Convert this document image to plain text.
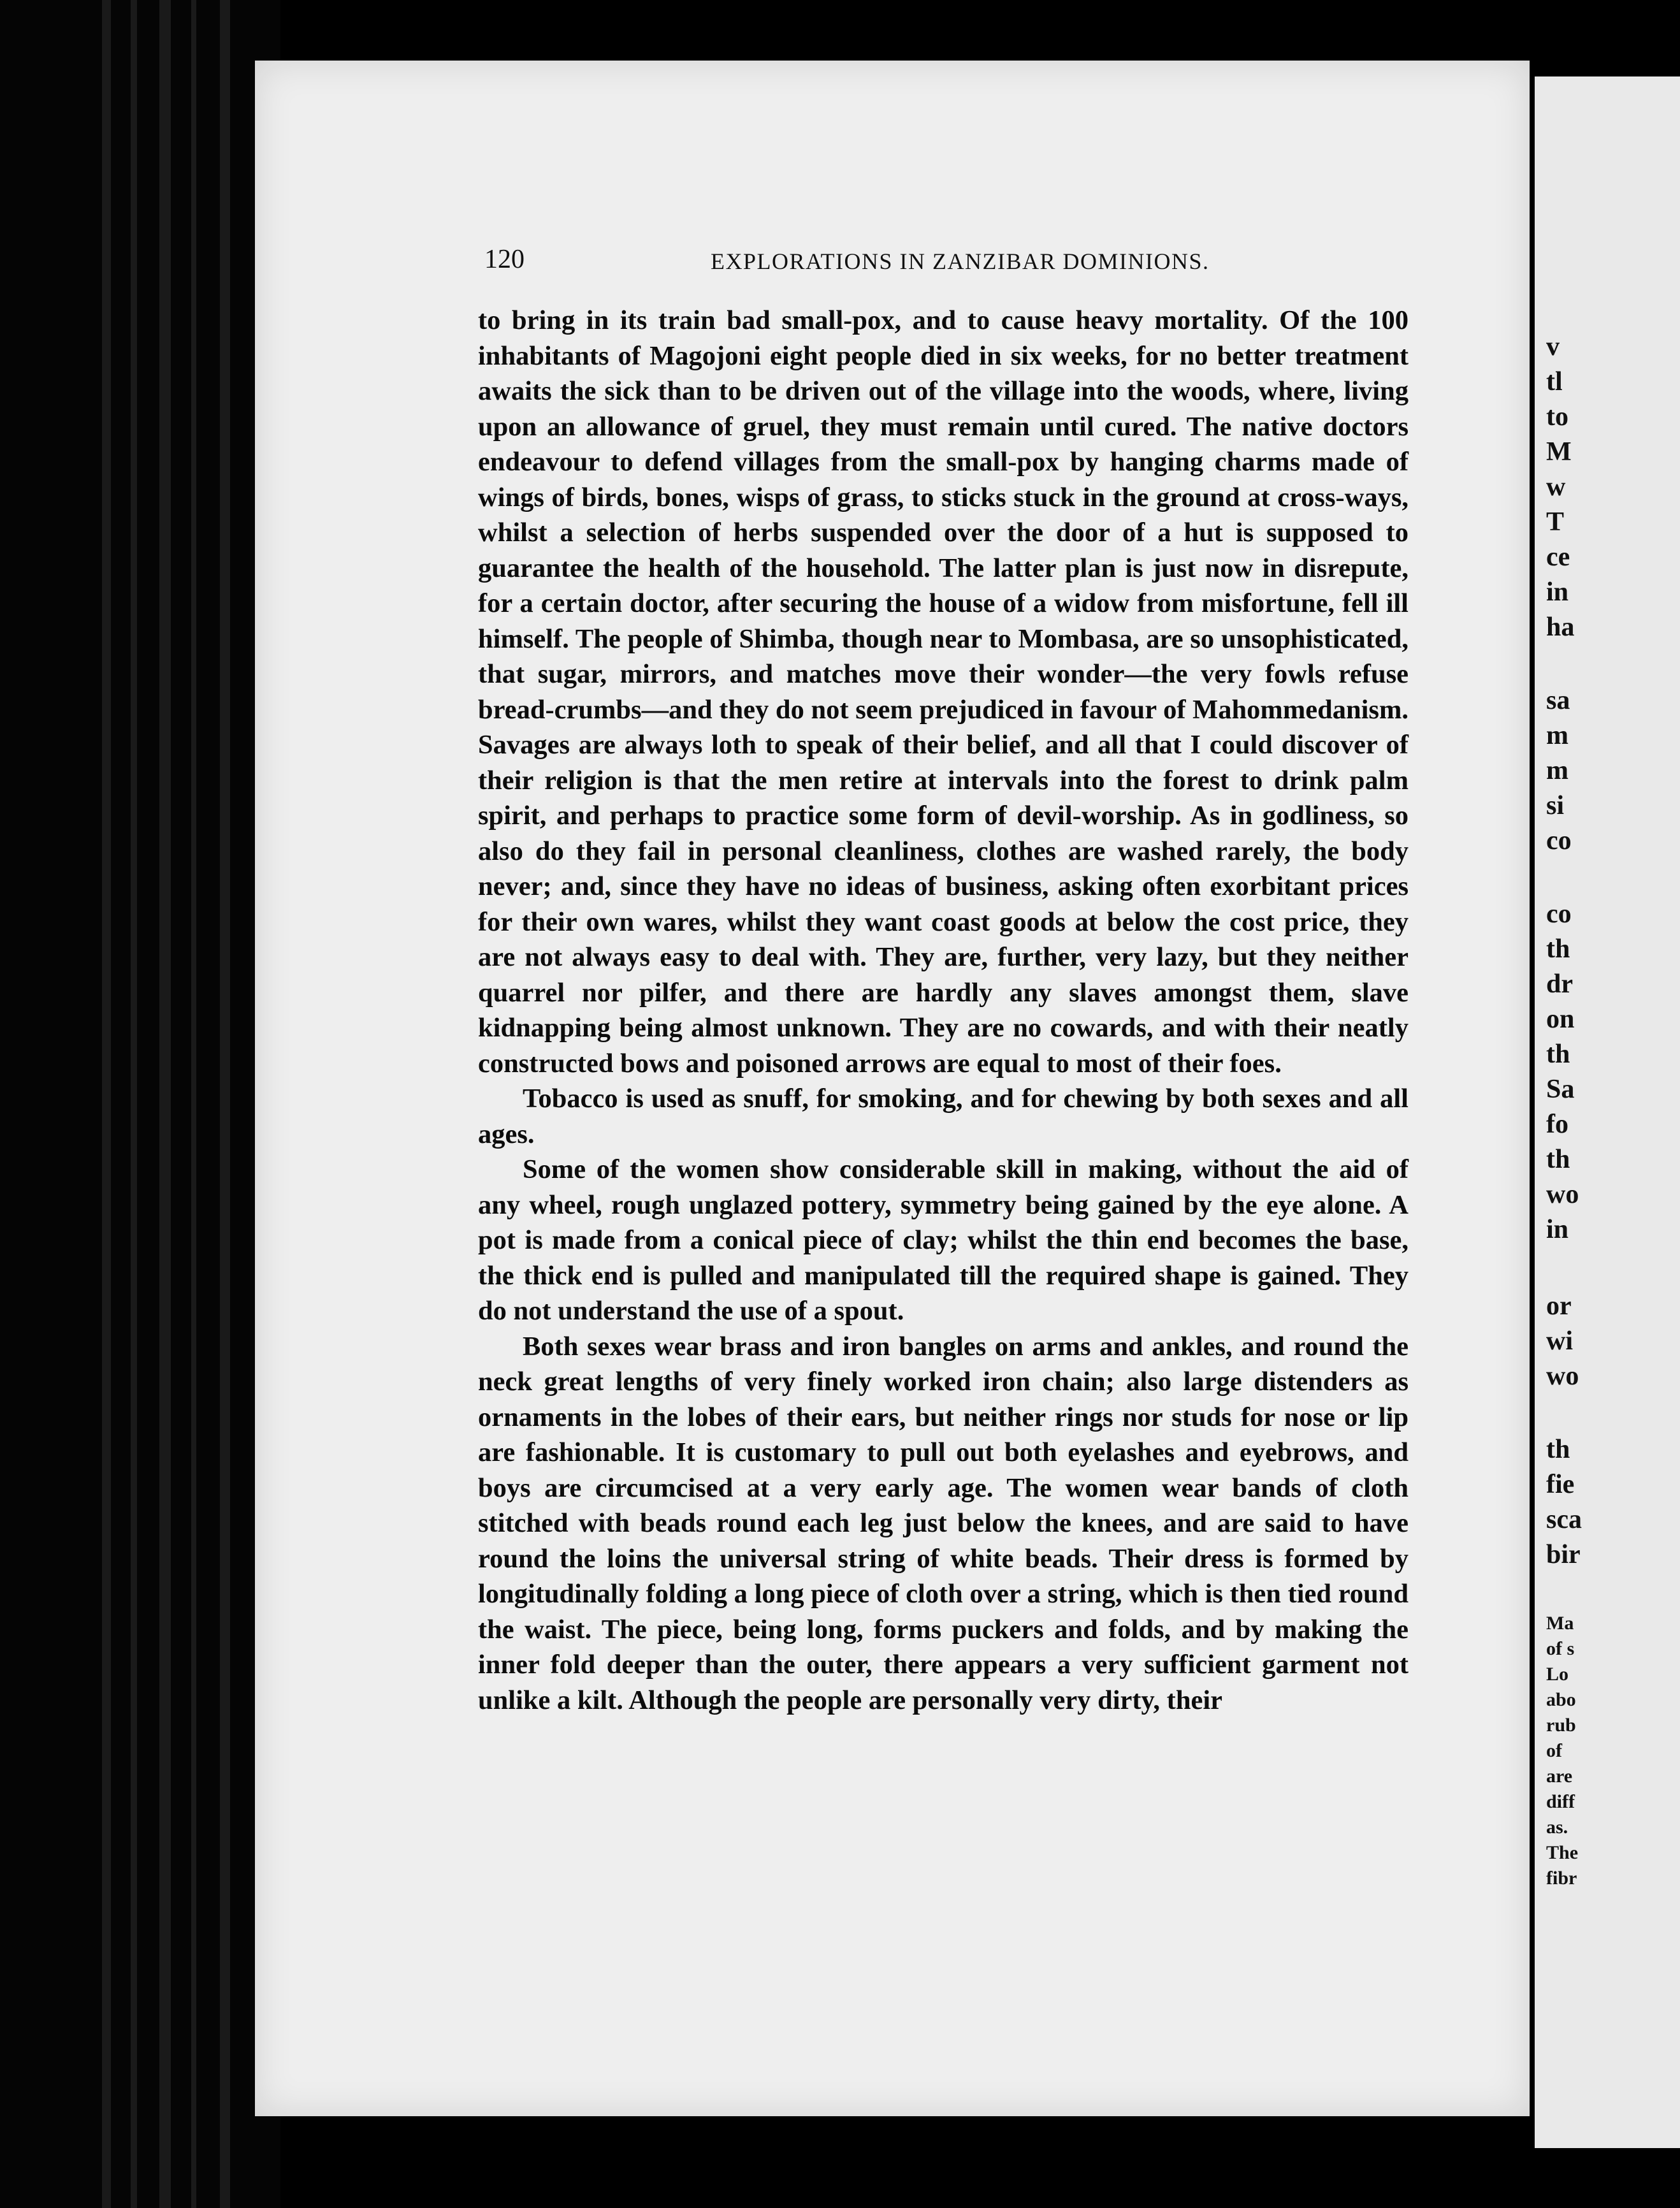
120	EXPLORATIONS IN ZANZIBAR DOMINIONS.

to bring in its train bad small-pox, and to cause heavy mortality. Of the 100 inhabitants of Magojoni eight people died in six weeks, for no better treatment awaits the sick than to be driven out of the village into the woods, where, living upon an allowance of gruel, they must remain until cured. The native doctors endeavour to defend villages from the small-pox by hanging charms made of wings of birds, bones, wisps of grass, to sticks stuck in the ground at cross-ways, whilst a selection of herbs suspended over the door of a hut is supposed to guarantee the health of the household. The latter plan is just now in disrepute, for a certain doctor, after securing the house of a widow from misfortune, fell ill himself. The people of Shimba, though near to Mombasa, are so unsophisticated, that sugar, mirrors, and matches move their wonder—the very fowls refuse bread-crumbs—and they do not seem prejudiced in favour of Mahommedanism. Savages are always loth to speak of their belief, and all that I could discover of their religion is that the men retire at intervals into the forest to drink palm spirit, and perhaps to practice some form of devil-worship. As in godliness, so also do they fail in personal cleanliness, clothes are washed rarely, the body never; and, since they have no ideas of business, asking often exorbitant prices for their own wares, whilst they want coast goods at below the cost price, they are not always easy to deal with. They are, further, very lazy, but they neither quarrel nor pilfer, and there are hardly any slaves amongst them, slave kidnapping being almost unknown. They are no cowards, and with their neatly constructed bows and poisoned arrows are equal to most of their foes.

Tobacco is used as snuff, for smoking, and for chewing by both sexes and all ages.

Some of the women show considerable skill in making, without the aid of any wheel, rough unglazed pottery, symmetry being gained by the eye alone. A pot is made from a conical piece of clay; whilst the thin end becomes the base, the thick end is pulled and manipulated till the required shape is gained. They do not understand the use of a spout.

Both sexes wear brass and iron bangles on arms and ankles, and round the neck great lengths of very finely worked iron chain; also large distenders as ornaments in the lobes of their ears, but neither rings nor studs for nose or lip are fashionable. It is customary to pull out both eyelashes and eyebrows, and boys are circumcised at a very early age. The women wear bands of cloth stitched with beads round each leg just below the knees, and are said to have round the loins the universal string of white beads. Their dress is formed by longitudinally folding a long piece of cloth over a string, which is then tied round the waist. The piece, being long, forms puckers and folds, and by making the inner fold deeper than the outer, there appears a very sufficient garment not unlike a kilt. Although the people are personally very dirty, their

v
tl
to
M
w
T
ce
in
ha
sa
m
m
si
co
co
th
dr
on
th
Sa
fo
th
wo
in
or
wi
wo
th
fie
sca
bir
Ma
of s
Lo
abo
rub
of
are
diff
as.
The
fibr
